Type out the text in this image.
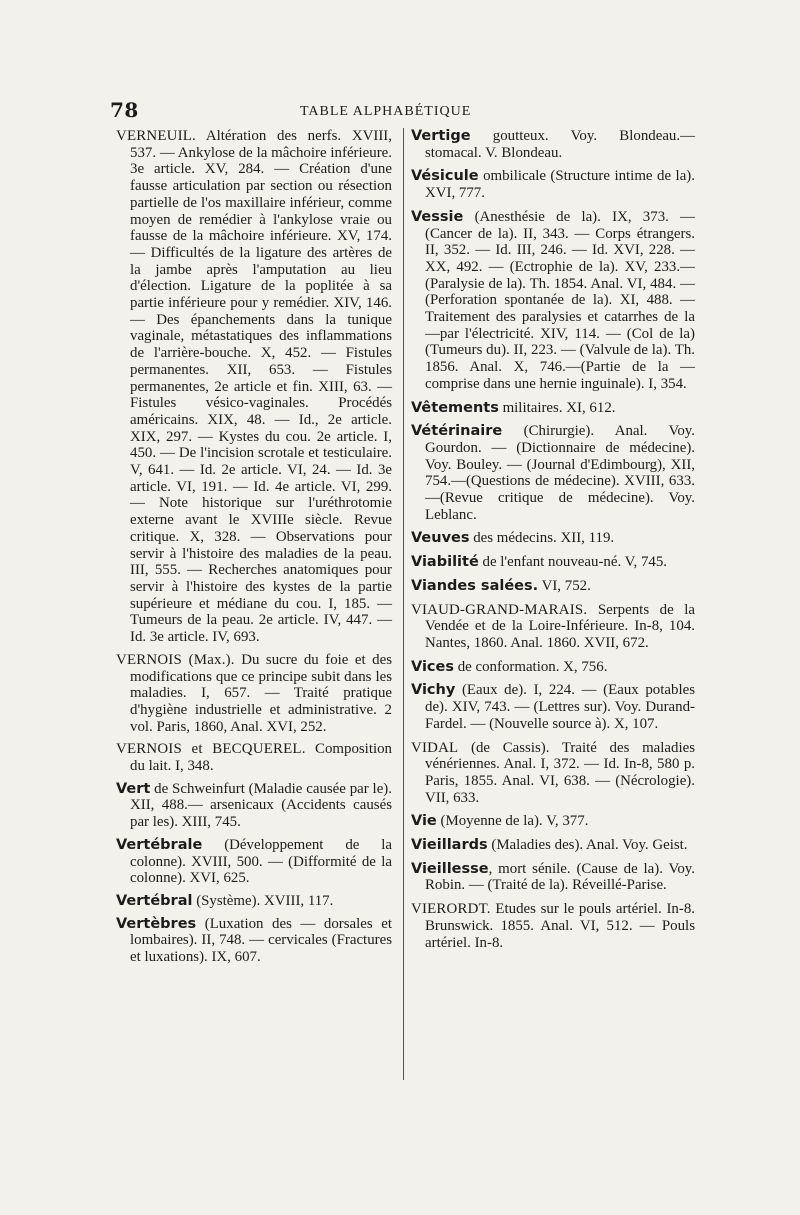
78	TABLE ALPHABÉTIQUE

VERNEUIL. Altération des nerfs. XVIII, 537. — Ankylose de la mâchoire inférieure. 3e article. XV, 284. — Création d'une fausse articulation par section ou résection partielle de l'os maxillaire inférieur, comme moyen de remédier à l'ankylose vraie ou fausse de la mâchoire inférieure. XV, 174. — Difficultés de la ligature des artères de la jambe après l'amputation au lieu d'élection. Ligature de la poplitée à sa partie inférieure pour y remédier. XIV, 146. — Des épanchements dans la tunique vaginale, métastatiques des inflammations de l'arrière-bouche. X, 452. — Fistules permanentes. XII, 653. — Fistules permanentes, 2e article et fin. XIII, 63. — Fistules vésico-vaginales. Procédés américains. XIX, 48. — Id., 2e article. XIX, 297. — Kystes du cou. 2e article. I, 450. — De l'incision scrotale et testiculaire. V, 641. — Id. 2e article. VI, 24. — Id. 3e article. VI, 191. — Id. 4e article. VI, 299. — Note historique sur l'uréthrotomie externe avant le XVIIIe siècle. Revue critique. X, 328. — Observations pour servir à l'histoire des maladies de la peau. III, 555. — Recherches anatomiques pour servir à l'histoire des kystes de la partie supérieure et médiane du cou. I, 185. — Tumeurs de la peau. 2e article. IV, 447. — Id. 3e article. IV, 693.

VERNOIS (Max.). Du sucre du foie et des modifications que ce principe subit dans les maladies. I, 657. — Traité pratique d'hygiène industrielle et administrative. 2 vol. Paris, 1860, Anal. XVI, 252.

VERNOIS et BECQUEREL. Composition du lait. I, 348.

Vert de Schweinfurt (Maladie causée par le). XII, 488.— arsenicaux (Accidents causés par les). XIII, 745.

Vertébrale (Développement de la colonne). XVIII, 500. — (Difformité de la colonne). XVI, 625.

Vertébral (Système). XVIII, 117.

Vertèbres (Luxation des — dorsales et lombaires). II, 748. — cervicales (Fractures et luxations). IX, 607.

Vertige goutteux. Voy. Blondeau.— stomacal. V. Blondeau.

Vésicule ombilicale (Structure intime de la). XVI, 777.

Vessie (Anesthésie de la). IX, 373. — (Cancer de la). II, 343. — Corps étrangers. II, 352. — Id. III, 246. — Id. XVI, 228. — XX, 492. — (Ectrophie de la). XV, 233.— (Paralysie de la). Th. 1854. Anal. VI, 484. — (Perforation spontanée de la). XI, 488. — Traitement des paralysies et catarrhes de la—par l'électricité. XIV, 114. — (Col de la) (Tumeurs du). II, 223. — (Valvule de la). Th. 1856. Anal. X, 746.—(Partie de la — comprise dans une hernie inguinale). I, 354.

Vêtements militaires. XI, 612.

Vétérinaire (Chirurgie). Anal. Voy. Gourdon. — (Dictionnaire de médecine). Voy. Bouley. — (Journal d'Edimbourg), XII, 754.—(Questions de médecine). XVIII, 633.—(Revue critique de médecine). Voy. Leblanc.

Veuves des médecins. XII, 119.

Viabilité de l'enfant nouveau-né. V, 745.

Viandes salées. VI, 752.

VIAUD-GRAND-MARAIS. Serpents de la Vendée et de la Loire-Inférieure. In-8, 104. Nantes, 1860. Anal. 1860. XVII, 672.

Vices de conformation. X, 756.

Vichy (Eaux de). I, 224. — (Eaux potables de). XIV, 743. — (Lettres sur). Voy. Durand-Fardel. — (Nouvelle source à). X, 107.

VIDAL (de Cassis). Traité des maladies vénériennes. Anal. I, 372. — Id. In-8, 580 p. Paris, 1855. Anal. VI, 638. — (Nécrologie). VII, 633.

Vie (Moyenne de la). V, 377.

Vieillards (Maladies des). Anal. Voy. Geist.

Vieillesse, mort sénile. (Cause de la). Voy. Robin. — (Traité de la). Réveillé-Parise.

VIERORDT. Etudes sur le pouls artériel. In-8. Brunswick. 1855. Anal. VI, 512. — Pouls artériel. In-8.
